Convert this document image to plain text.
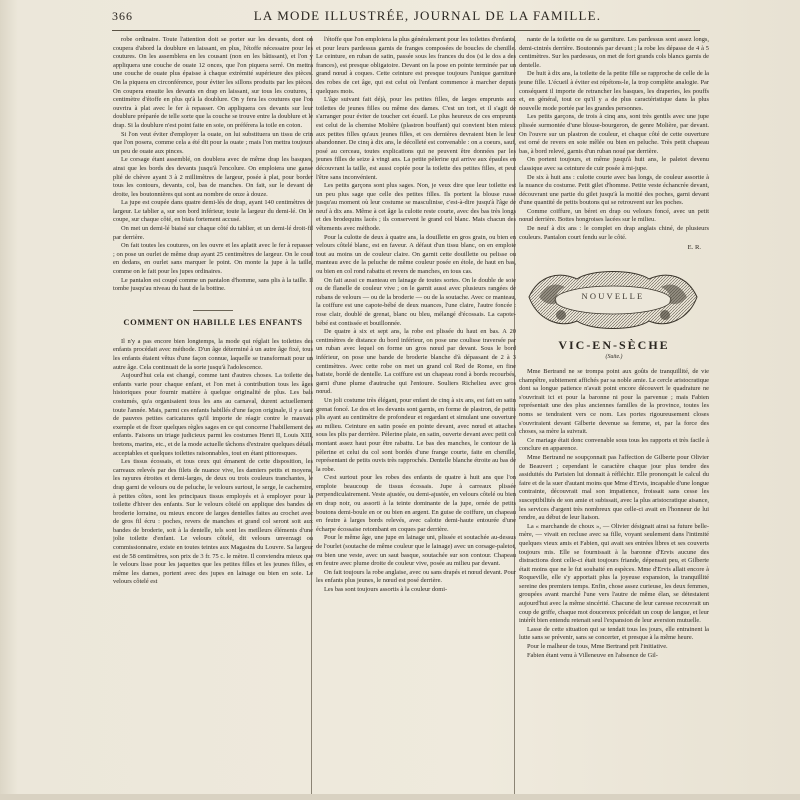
366	LA MODE ILLUSTRÉE, JOURNAL DE LA FAMILLE.

robe ordinaire. Toute l'attention doit se porter sur les devants, dont on coupera d'abord la doublure en laissant, en plus, l'étoffe nécessaire pour les coutures. On les assemblera en les cousant (non en les bâtissant), et l'on y appliquera une couche de ouate 12 onces, que l'on piquera serré. On mettra une couche de ouate plus épaisse à chaque extrémité supérieure des pièces. On la piquera en circonférence, pour éviter les sillons produits par les pièces. On coupera ensuite les devants en drap en laissant, sur tous les coutures, 1 centimètre d'étoffe en plus qu'à la doublure. On y fera les coutures que l'on ouvrira à plat avec le fer à repasser. On appliquera ces devants sur leur doublure préparée de telle sorte que la couche se trouve entre la doublure et le drap. Si la doublure n'est point faite en soie, on préférera la toile en coton.

Si l'on veut éviter d'employer la ouate, on lui substituera un tissu de crin que l'on posera, comme cela a été dit pour la ouate ; mais l'on mettra toujours un peu de ouate aux pinces.

Le corsage étant assemblé, on doublera avec de même drap les basques, ainsi que les bords des devants jusqu'à l'encolure. On emploiera une ganse plié de chèvre ayant 3 à 2 millimètres de largeur, posée à plat, pour border tous les contours, devants, col, bas de manches. On fait, sur le devant de droite, les boutonnières qui sont au nombre de onze à douze.

La jupe est coupée dans quatre demi-lés de drap, ayant 140 centimètres de largeur. Le tablier a, sur son bord inférieur, toute la largeur du demi-lé. On le coupe, sur chaque côté, en biais fortement accusé.

On met un demi-lé biaisé sur chaque côté du tablier, et un demi-lé droit-fil par derrière.

On fait toutes les coutures, on les ouvre et les aplatit avec le fer à repasser ; on pose un ourlet de même drap ayant 25 centimètres de largeur. On le coud en dedans, en ourlet sans marquer le point. On monte la jupe à la taille, comme on le fait pour les jupes ordinaires.

Le pantalon est coupé comme un pantalon d'homme, sans plis à la taille. Il tombe jusqu'au niveau du haut de la bottine.

COMMENT ON HABILLE LES ENFANTS

Il n'y a pas encore bien longtemps, la mode qui réglait les toilettes des enfants procédait avec méthode. D'un âge déterminé à un autre âge fixé, tous les enfants étaient vêtus d'une façon connue, laquelle se transformait pour un autre âge. Cela continuait de la sorte jusqu'à l'adolescence.

Aujourd'hui cela est changé, comme tant d'autres choses. La toilette des enfants varie pour chaque enfant, et l'on met à contribution tous les âges historiques pour fournir matière à quelque originalité de plus. Les bals costumés, qu'a organisaient tous les ans au carnaval, durent actuellement toute l'année. Mais, parmi ces enfants habillés d'une façon originale, il y a tant de pauvres petites caricatures qu'il importe de réagir contre le mauvais exemple et de fixer quelques règles sages en ce qui concerne l'habillement des enfants. Faisons un triage judicieux parmi les costumes Henri II, Louis XIII, bretons, marins, etc., et de la mode actuelle tâchons d'extraire quelques détails acceptables et quelques toilettes raisonnables, tout en étant pittoresques.

Les tissus écossais, et tous ceux qui émanent de cette disposition, les carreaux relevés par des filets de nuance vive, les damiers petits et moyens, les rayures étroites et demi-larges, de deux ou trois couleurs tranchantes, le drap garni de velours ou de peluche, le velours surtout, le serge, le cachemire, à petites côtes, sont les principaux tissus employés et à employer pour la toilette d'hiver des enfants. Sur le velours côtelé on applique des bandes de broderie lorraine, ou mieux encore de larges dentelles faites au crochet avec de gros fil écru : poches, revers de manches et grand col seront soit aux bandes de broderie, soit à la dentelle, tels sont les meilleurs éléments d'une jolie toilette d'enfant. Le velours côtelé, dit velours unverzagt ou commissionnaire, existe en toutes teintes aux Magasins du Louvre. Sa largeur est de 58 centimètres, son prix de 3 fr. 75 c. le mètre. Il conviendra mieux que le velours lisse pour les jaquettes que les petites filles et les jeunes filles, et même les dames, portent avec des jupes en lainage ou bien en soie. Le velours côtelé est

l'étoffe que l'on emploiera la plus généralement pour les toilettes d'enfants, et pour leurs pardessus garnis de franges composées de boucles de chenille. Le ceinture, en ruban de satin, passée sous les frances du dos (si le dos a des frances), est presque obligatoire. Devant on la pose en pointe terminée par un grand nœud à coques. Cette ceinture est presque toujours l'unique garniture des robes de cet âge, qui est celui où l'enfant commence à marcher depuis quelques mois.

L'âge suivant fait déjà, pour les petites filles, de larges emprunts aux toilettes de jeunes filles ou même des dames. C'est un tort, et il s'agit de s'arranger pour éviter de toucher cet écueil. Le plus heureux de ces emprunts est celui de la chemise Molière (plastron bouffant) qui convient bien mieux aux petites filles qu'aux jeunes filles, et ces dernières devraient bien le leur abandonner. De cinq à dix ans, le décolleté est convenable : on a coeurs, sauf, posé au cerceau, toutes explications qui ne peuvent être données par les jeunes filles de seize à vingt ans. La petite pèlerine qui arrive aux épaules en découvrant la taille, est aussi copiée pour la toilette des petites filles, et peut l'être sans inconvénient.

Les petits garçons sont plus sages. Non, je veux dire que leur toilette est un peu plus sage que celle des petites filles. Ils portent la blouse russe jusqu'au moment où leur costume se masculinise, c'est-à-dire jusqu'à l'âge de neuf à dix ans. Même à cet âge la culotte reste courte, avec des bas très longs et des brodequins lacés ; ils conservent le grand col blanc. Mais chacun des vêtements avec méthode.

Pour la culotte de deux à quatre ans, la douillette en gros grain, ou bien en velours côtelé blanc, est en faveur. A défaut d'un tissu blanc, on en emploie tout au moins un de couleur claire. On garnit cette douillette ou pelisse ou manteau avec de la peluche de même couleur posée en étole, de haut en bas, ou bien en col rond rabattu et revers de manches, en tous cas.

On fait aussi ce manteau en lainage de toutes sortes. On le double de soie ou de flanelle de couleur vive ; on le garnit aussi avec plusieurs rangées de rubans de velours — ou de la broderie — ou de la soutache. Avec ce manteau, la coiffure est une capote-bébé de deux nuances, l'une claire, l'autre foncée : rose clair, doublé de grenat, blanc ou bleu, mélangé d'écossais. La capote-bébé est contissée et bouillonnée.

De quatre à six et sept ans, la robe est plissée du haut en bas. A 20 centimètres de distance du bord inférieur, on pose une coulisse traversée par un ruban avec lequel on forme un gros nœud par devant. Sous le bord inférieur, on pose une bande de broderie blanche d'à dépassant de 2 à 3 centimètres. Avec cette robe on met un grand col Red de Rome, en fine batiste, bordé de dentelle. La coiffure est un chapeau rond à bords recourbés, garni d'une plume d'autruche qui l'entoure. Souliers Richelieu avec gros nœud.

Un joli costume très élégant, pour enfant de cinq à six ans, est fait en satin grenat foncé. Le dos et les devants sont garnis, en forme de plastron, de petits plis ayant au centimètre de profondeur et regardant et simulant une ouverture au milieu. Ceinture en satin posée en pointe devant, avec nœud et attaches sous les plis par derrière. Pèlerine plate, en satin, ouverte devant avec petit col montant assez haut pour être rabattu. Le bas des manches, le contour de la pèlerine et celui du col sont bordés d'une frange courte, faite en chenille, représentant de petits ouvis très rapprochés. Dentelle blanche étroite au bas de la robe.

C'est surtout pour les robes des enfants de quatre à huit ans que l'on emploie beaucoup de tissus écossais. Jupe à carreaux plissée perpendiculairement. Veste ajustée, ou demi-ajustée, en velours côtelé ou bien en drap noir, ou assorti à la teinte dominante de la jupe, ornée de petits boutons demi-boule en or ou bien en argent. En guise de coiffure, un chapeau en feutre à larges bords relevés, avec calotte demi-haute entourée d'une écharpe écossaise retombant en coques par derrière.

Pour le même âge, une jupe en lainage uni, plissée et soutachée au-dessus de l'ourlet (soutache de même couleur que le lainage) avec un corsage-paletot, ou bien une veste, avec un saut basque, soutachée sur son contour. Chapeau en feutre avec plume droite de couleur vive, posée au milieu par devant.

On fait toujours la robe anglaise, avec ou sans drapés et nœud devant. Pour les enfants plus jeunes, le nœud est posé derrière.

Les bas sont toujours assortis à la couleur domi-

nante de la toilette ou de sa garniture. Les pardessus sont assez longs, demi-cintrés derrière. Boutonnés par devant ; la robe les dépasse de 4 à 5 centimètres. Sur les pardessus, on met de fort grands cols blancs garnis de dentelle.

De huit à dix ans, la toilette de la petite fille se rapproche de celle de la jeune fille. L'écueil à éviter est répétons-le, la trop complète analogie. Par conséquent il importe de retrancher les basques, les draperies, les pouffs et, en général, tout ce qu'il y a de plus caractéristique dans la plus nouvelle mode portée par les grandes personnes.

Les petits garçons, de trois à cinq ans, sont très gentils avec une jupe plissée surmontée d'une blouse-bourgeron, de genre Molière, par devant. On l'ouvre sur un plastron de couleur, et chaque côté de cette ouverture est orné de revers en soie mêlée ou bien en peluche. Très petit chapeau bas, à bord relevé, garnis d'un ruban noué par derrière.

On portent toujours, et même jusqu'à huit ans, le paletot devenu classique avec sa ceinture de cuir posée à mi-jupe.

De six à huit ans : culotte courte avec bas longs, de couleur assortie à la nuance du costume. Petit gilet d'homme. Petite veste échancrée devant, découvrant une partie du gilet jusqu'à la moitié des poches, garni devant d'une quantité de petits boutons qui se retrouvent sur les poches.

Comme coiffure, un béret en drap ou velours foncé, avec un petit nœud derrière. Bottes hongroises lacées sur le milieu.

De neuf à dix ans : le complet en drap anglais chiné, de plusieurs couleurs. Pantalon court fendu sur le côté.

E. R.
NOUVELLE
VIC-EN-SÈCHE
(Suite.)

Mme Bertrand ne se trompa point aux goûts de tranquillité, de vie champêtre, subitement affichés par sa noble amie. Le cercle aristocratique dont sa longue patience n'avait point encore découvert le quadrature ne s'ouvrirait ici et pour la baronne ni pour la parvenue ; mais Fabien représentait une des plus anciennes familles de la province, toutes les noms se tendraient vers ce nom. Les portes rigoureusement closes s'ouvriraient devant Gilberte devenue sa femme, et, par la force des choses, sa mère la suivrait.

Ce mariage était donc convenable sous tous les rapports et très facile à conclure en apparence.

Mme Bertrand ne soupçonnait pas l'affection de Gilberte pour Olivier de Beauvert ; cependant le caractère chaque jour plus tendre des assiduités du Parisien lui donnait à réfléchir. Elle prononçait le calcul du faire et de la suer d'autant moins que Mme d'Ervis, incapable d'une longue contrainte, découvrait mal son impatience, froissait sans cesse les susceptibilités de son amie et subissait, avec la plus aristocratique aisance, les services d'argent très nombreux que celle-ci avait en l'honneur de lui rendre, au début de leur liaison.

La « marchande de choux », — Olivier désignait ainsi sa future belle-mère, — vivait en recluse avec sa fille, voyant seulement dans l'intimité quelques vieux amis et Fabien, qui avait ses entrées libres et ses couverts toujours mis. Elle se fournissait à la baronne d'Ervis aucune des distractions dont celle-ci était toujours friande, dépensait peu, et Gilberte était moins que ne le fut souhaité en espèces. Mme d'Ervis allait encore à Roqueville, elle s'y apportait plus la joyeuse expansion, la tranquillité sereine des premiers temps. Enfin, chose assez curieuse, les deux femmes, groupées avant marché l'une vers l'autre de même élan, se détestaient aujourd'hui avec la même sincérité. Chacune de leur caresse recouvrait un coup de griffe, chaque mot doucereux précédait un coup de langue, et leur intérêt bien entendu retenait seul l'expansion de leur aversion mutuelle.

Lasse de cette situation qui se tendait tous les jours, elle entrainent la lutte sans se prévenir, sans se concerter, et presque à la même heure.

Pour le malheur de tous, Mme Bertrand prit l'initiative.

Fabien étant venu à Villeneuve en l'absence de Gil-
